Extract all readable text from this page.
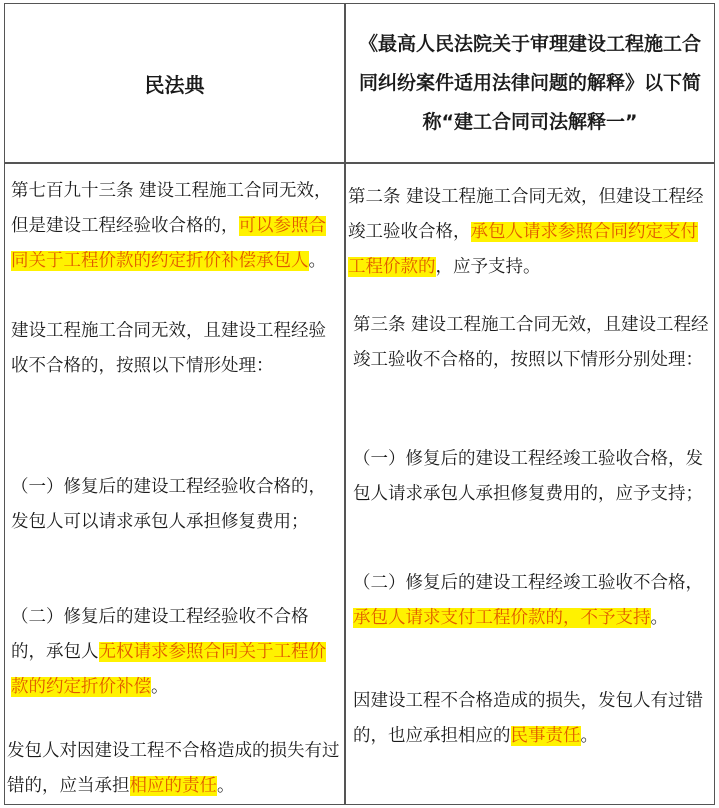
民法典
《最高人民法院关于审理建设工程施工合同纠纷案件适用法律问题的解释》以下简称“建工合同司法解释一”

第七百九十三条 建设工程施工合同无效，但是建设工程经验收合格的，可以参照合同关于工程价款的约定折价补偿承包人。

建设工程施工合同无效，且建设工程经验收不合格的，按照以下情形处理：

（一）修复后的建设工程经验收合格的，发包人可以请求承包人承担修复费用；

（二）修复后的建设工程经验收不合格的，承包人无权请求参照合同关于工程价款的约定折价补偿。

发包人对因建设工程不合格造成的损失有过错的，应当承担相应的责任。

第二条 建设工程施工合同无效，但建设工程经竣工验收合格，承包人请求参照合同约定支付工程价款的，应予支持。

第三条 建设工程施工合同无效，且建设工程经竣工验收不合格的，按照以下情形分别处理：

（一）修复后的建设工程经竣工验收合格，发包人请求承包人承担修复费用的，应予支持；

（二）修复后的建设工程经竣工验收不合格，承包人请求支付工程价款的，不予支持。

因建设工程不合格造成的损失，发包人有过错的，也应承担相应的民事责任。
